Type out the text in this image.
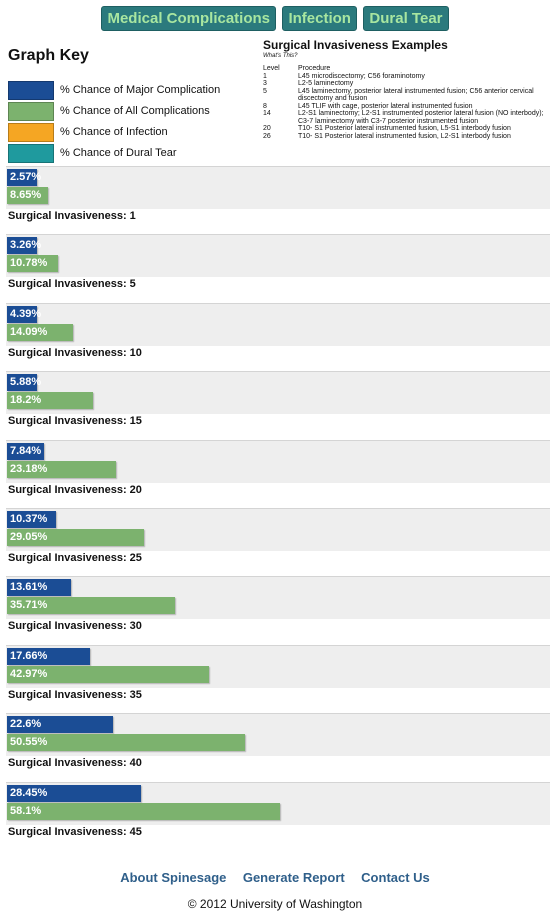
Medical Complications Infection Dural Tear
Graph Key
% Chance of Major Complication
% Chance of All Complications
% Chance of Infection
% Chance of Dural Tear
Surgical Invasiveness Examples
What's This?
Level	Procedure
1	L45 microdiscectomy; C56 foraminotomy
3	L2-5 laminectomy
5	L45 laminectomy, posterior lateral instrumented fusion; C56 anterior cervical discectomy and fusion
8	L45 TLIF with cage, posterior lateral instrumented fusion
14	L2-S1 laminectomy; L2-S1 instrumented posterior lateral fusion (NO interbody); C3-7 laminectomy with C3-7 posterior instrumented fusion
20	T10- S1 Posterior lateral instrumented fusion, L5-S1 interbody fusion
26	T10- S1 Posterior lateral instrumented fusion, L2-S1 interbody fusion
2.57%
8.65%
Surgical Invasiveness: 1
3.26%
10.78%
Surgical Invasiveness: 5
4.39%
14.09%
Surgical Invasiveness: 10
5.88%
18.2%
Surgical Invasiveness: 15
7.84%
23.18%
Surgical Invasiveness: 20
10.37%
29.05%
Surgical Invasiveness: 25
13.61%
35.71%
Surgical Invasiveness: 30
17.66%
42.97%
Surgical Invasiveness: 35
22.6%
50.55%
Surgical Invasiveness: 40
28.45%
58.1%
Surgical Invasiveness: 45
About Spinesage Generate Report Contact Us
© 2012 University of Washington
